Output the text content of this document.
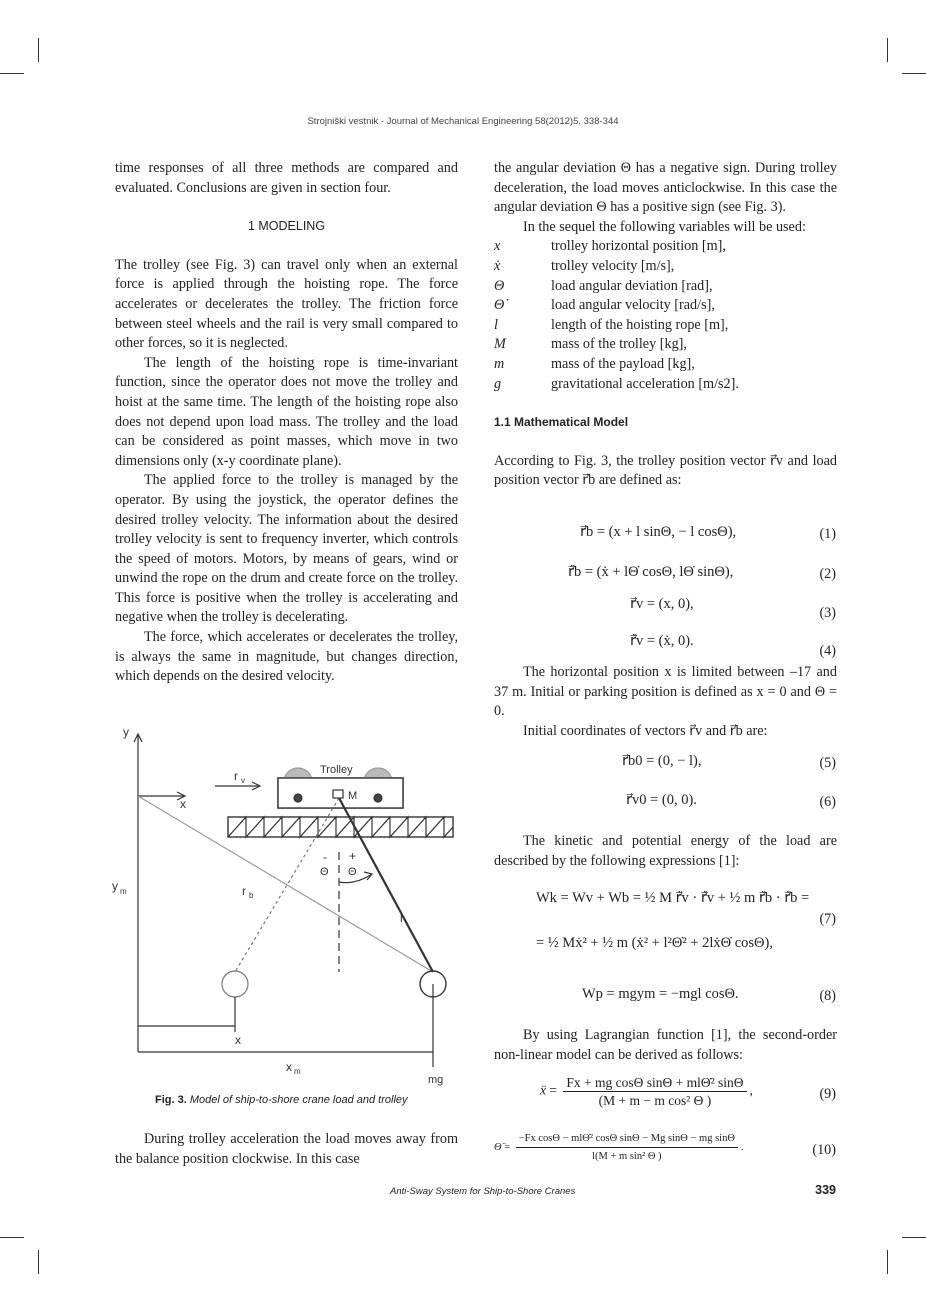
Strojniški vestnik - Journal of Mechanical Engineering 58(2012)5, 338-344

time responses of all three methods are compared and evaluated. Conclusions are given in section four.

1 MODELING

The trolley (see Fig. 3) can travel only when an external force is applied through the hoisting rope. The force accelerates or decelerates the trolley. The friction force between steel wheels and the rail is very small compared to other forces, so it is neglected.

The length of the hoisting rope is time-invariant function, since the operator does not move the trolley and hoist at the same time. The length of the hoisting rope also does not depend upon load mass. The trolley and the load can be considered as point masses, which move in two dimensions only (x-y coordinate plane).

The applied force to the trolley is managed by the operator. By using the joystick, the operator defines the desired trolley velocity. The information about the desired trolley velocity is sent to frequency inverter, which controls the speed of motors. Motors, by means of gears, wind or unwind the rope on the drum and create force on the trolley. This force is positive when the trolley is accelerating and negative when the trolley is decelerating.

The force, which accelerates or decelerates the trolley, is always the same in magnitude, but changes direction, which depends on the desired velocity.

y
x
r v
Trolley
M
- +
Θ Θ
y m	r b
l
x
x m
mg
Fig. 3. Model of ship-to-shore crane load and trolley

During trolley acceleration the load moves away from the balance position clockwise. In this case

the angular deviation Θ has a negative sign. During trolley deceleration, the load moves anticlockwise. In this case the angular deviation Θ has a positive sign (see Fig. 3).

In the sequel the following variables will be used:

x	trolley horizontal position [m],
ẋ	trolley velocity [m/s],
Θ	load angular deviation [rad],
Θ̇	load angular velocity [rad/s],
l	length of the hoisting rope [m],
M	mass of the trolley [kg],
m	mass of the payload [kg],
g	gravitational acceleration [m/s2].

1.1 Mathematical Model

According to Fig. 3, the trolley position vector r⃗v and load position vector r⃗b are defined as:

r⃗b = (x + l sinΘ, − l cosΘ),	(1)
r⃗̇b = (ẋ + lΘ̇ cosΘ, lΘ̇ sinΘ),	(2)
r⃗v = (x, 0),
(3)
r⃗̇v = (ẋ, 0).
(4)

The horizontal position x is limited between –17 and 37 m. Initial or parking position is defined as x = 0 and Θ = 0.

Initial coordinates of vectors r⃗v and r⃗b are:

r⃗b0 = (0, − l),	(5)
r⃗v0 = (0, 0).	(6)

The kinetic and potential energy of the load are described by the following expressions [1]:

Wk = Wv + Wb = ½ M r⃗̇v · r⃗̇v + ½ m r⃗̇b · r⃗̇b =
= ½ Mẋ² + ½ m (ẋ² + l²Θ̇² + 2lẋΘ̇ cosΘ),
(7)
Wp = mgym = −mgl cosΘ.	(8)

By using Lagrangian function [1], the second-order non-linear model can be derived as follows:

ẍ = $\frac{\text{Fx + mg cosΘ sinΘ + mlΘ̇² sinΘ}}{\text{(M + m − m cos² Θ )}}$ ,	(9)
Θ̈ = $\frac{\text{−Fx cosΘ − mlΘ̇² cosΘ sinΘ − Mg sinΘ − mg sinΘ}}{\text{l(M + m sin² Θ )}}$ .	(10)
Anti-Sway System for Ship-to-Shore Cranes	339
